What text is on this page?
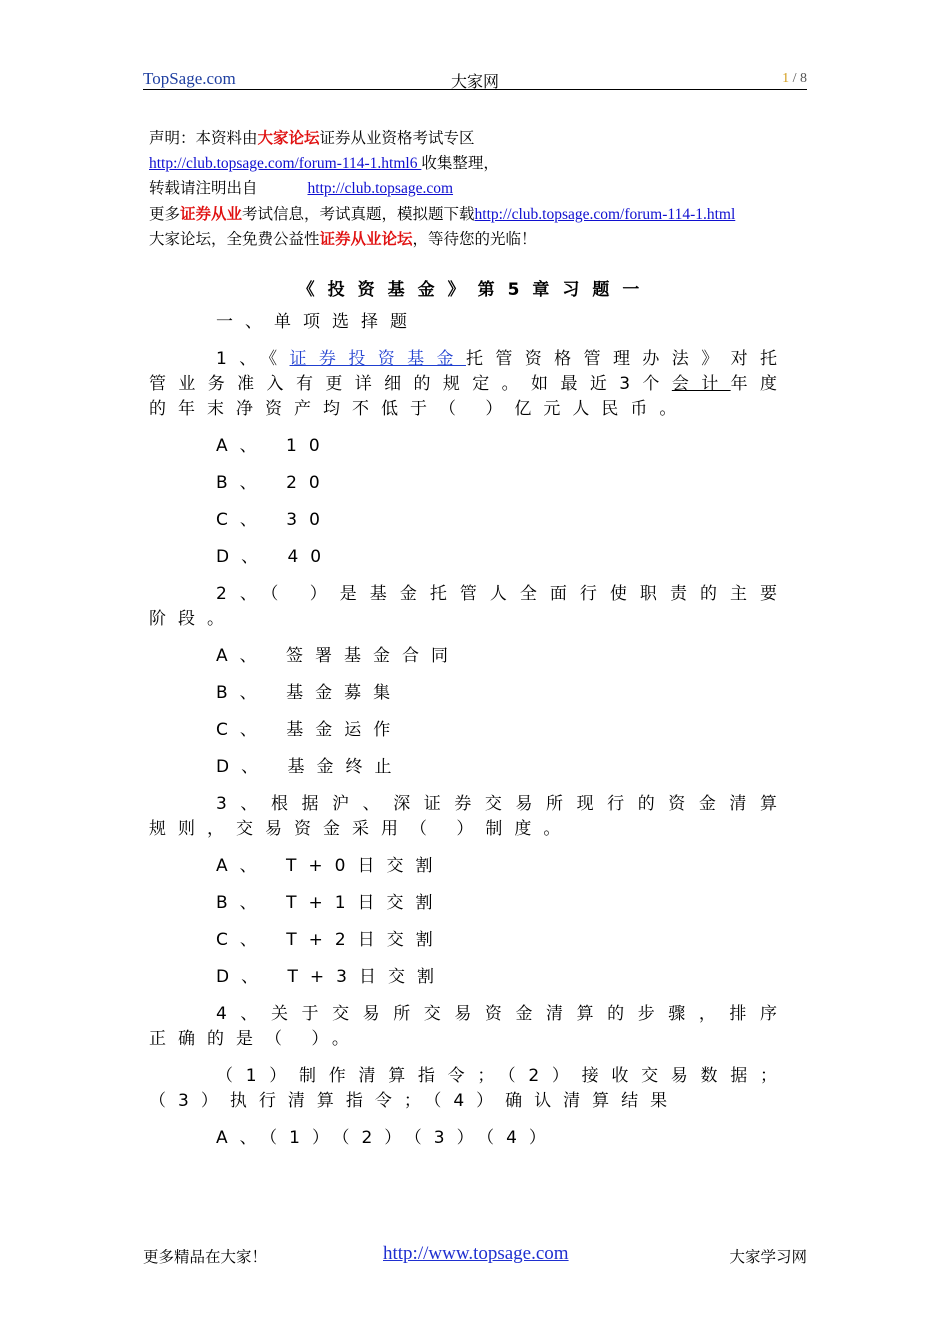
TopSage.com	大家网	1 / 8
声明：本资料由大家论坛证券从业资格考试专区
http://club.topsage.com/forum-114-1.html6 收集整理，
转载请注明出自	http://club.topsage.com
更多证券从业考试信息，考试真题，模拟题下载http://club.topsage.com/forum-114-1.html
大家论坛，全免费公益性证券从业论坛，等待您的光临！
《投资基金》第5章习题一
一、单项选择题
1、《证券投资基金托管资格管理办法》对托管业务准入有更详细的规定。如最近3个会计年度的年末净资产均不低于（ ）亿元人民币。
A、 10
B、 20
C、 30
D、 40
2、（ ）是基金托管人全面行使职责的主要阶段。
A、 签署基金合同
B、 基金募集
C、 基金运作
D、 基金终止
3、根据沪、深证券交易所现行的资金清算规则，交易资金采用（ ）制度。
A、 T+0日交割
B、 T+1日交割
C、 T+2日交割
D、 T+3日交割
4、关于交易所交易资金清算的步骤，排序正确的是（ ）。
（1）制作清算指令；（2）接收交易数据；（3）执行清算指令；（4）确认清算结果
A、（1）（2）（3）（4）
更多精品在大家！	http://www.topsage.com	大家学习网
